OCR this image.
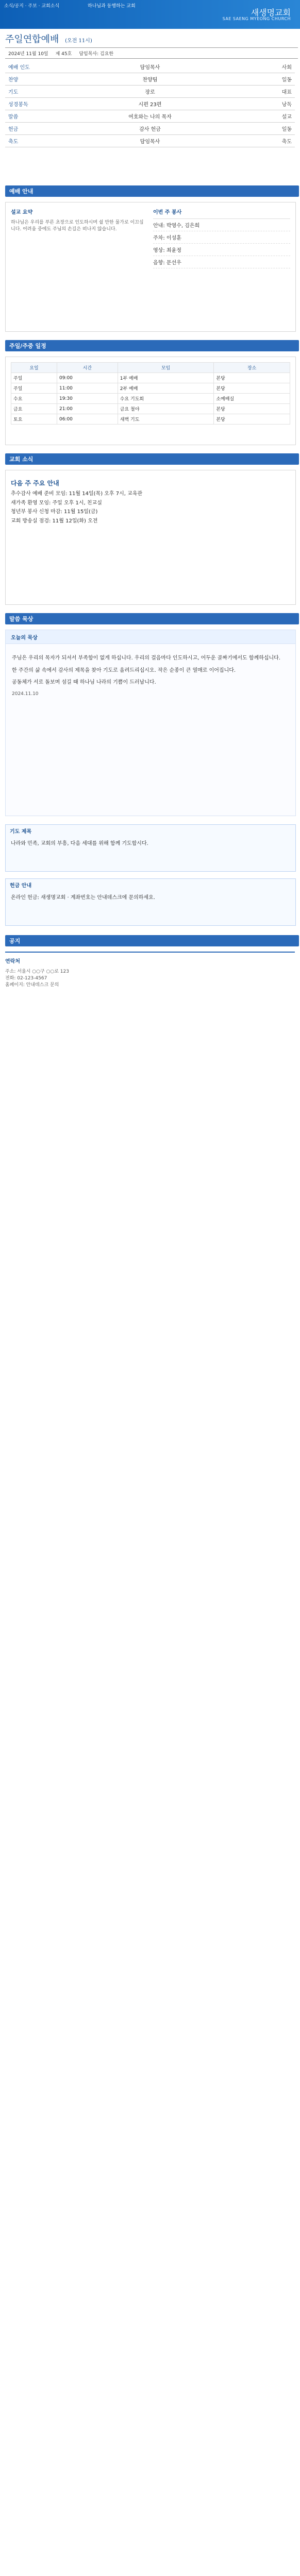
소식/공지 · 주보 · 교회소식	하나님과 동행하는 교회
새생명교회
SAE SAENG MYEONG CHURCH
주일연합예배 (오전 11시)
2024년 11월 10일 제 45호 담임목사: 김요한
예배 인도	담임목사	사회
찬양	찬양팀	일동
기도	장로	대표
성경봉독	시편 23편	낭독
말씀	여호와는 나의 목자	설교
헌금	감사 헌금	일동
축도	담임목사	축도
예배 안내
설교 요약
하나님은 우리를 푸른 초장으로 인도하시며 쉴 만한 물가로 이끄십니다. 어려움 중에도 주님의 손길은 떠나지 않습니다.
이번 주 봉사
안내: 박영수, 김은희
주차: 이성훈
영상: 최윤정
음향: 문선우
주일/주중 일정
요일	시간	모임	장소
주일	09:00	1부 예배	본당
주일	11:00	2부 예배	본당
수요	19:30	수요 기도회	소예배실
금요	21:00	금요 철야	본당
토요	06:00	새벽 기도	본당
교회 소식
다음 주 주요 안내

추수감사 예배 준비 모임: 11월 14일(목) 오후 7시, 교육관

새가족 환영 모임: 주일 오후 1시, 친교실

청년부 봉사 신청 마감: 11월 15일(금)

교회 방송실 점검: 11월 12일(화) 오전

말씀 묵상
오늘의 묵상

주님은 우리의 목자가 되셔서 부족함이 없게 하십니다. 우리의 걸음마다 인도하시고, 어두운 골짜기에서도 함께하십니다.

한 주간의 삶 속에서 감사의 제목을 찾아 기도로 올려드리십시오. 작은 순종이 큰 열매로 이어집니다.

공동체가 서로 돌보며 섬길 때 하나님 나라의 기쁨이 드러납니다.

2024.11.10
기도 제목
나라와 민족, 교회의 부흥, 다음 세대를 위해 함께 기도합시다.
헌금 안내
온라인 헌금: 새생명교회 · 계좌번호는 안내데스크에 문의하세요.
공지
연락처
주소: 서울시 ○○구 ○○로 123
전화: 02-123-4567
홈페이지: 안내데스크 문의
